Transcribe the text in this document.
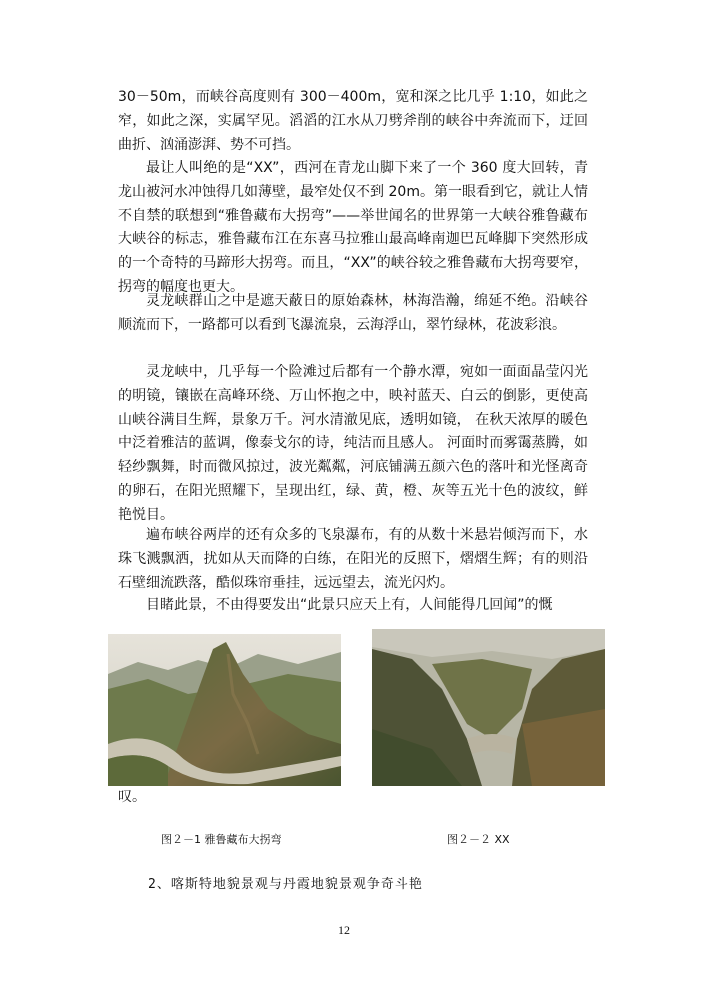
30－50m，而峡谷高度则有 300－400m，宽和深之比几乎 1:10，如此之窄，如此之深，实属罕见。滔滔的江水从刀劈斧削的峡谷中奔流而下，迂回曲折、汹涌澎湃、势不可挡。

最让人叫绝的是“XX”，西河在青龙山脚下来了一个 360 度大回转，青龙山被河水冲蚀得几如薄壁，最窄处仅不到 20m。第一眼看到它，就让人情不自禁的联想到“雅鲁藏布大拐弯”——举世闻名的世界第一大峡谷雅鲁藏布大峡谷的标志，雅鲁藏布江在东喜马拉雅山最高峰南迦巴瓦峰脚下突然形成的一个奇特的马蹄形大拐弯。而且，“XX”的峡谷较之雅鲁藏布大拐弯要窄，拐弯的幅度也更大。

灵龙峡群山之中是遮天蔽日的原始森林，林海浩瀚，绵延不绝。沿峡谷顺流而下，一路都可以看到飞瀑流泉，云海浮山，翠竹绿林，花波彩浪。

灵龙峡中，几乎每一个险滩过后都有一个静水潭，宛如一面面晶莹闪光的明镜，镶嵌在高峰环绕、万山怀抱之中，映衬蓝天、白云的倒影，更使高山峡谷满目生辉，景象万千。河水清澈见底，透明如镜， 在秋天浓厚的暖色中泛着雅洁的蓝调，像泰戈尔的诗，纯洁而且感人。 河面时而雾霭蒸腾，如轻纱飘舞，时而微风掠过，波光粼粼，河底铺满五颜六色的落叶和光怪离奇的卵石，在阳光照耀下，呈现出红，绿、黄，橙、灰等五光十色的波纹，鲜艳悦目。

遍布峡谷两岸的还有众多的飞泉瀑布，有的从数十米悬岩倾泻而下，水珠飞溅飘洒，扰如从天而降的白练，在阳光的反照下，熠熠生辉；有的则沿石壁细流跌落，酷似珠帘垂挂，远远望去，流光闪灼。

目睹此景，不由得要发出“此景只应天上有，人间能得几回闻”的慨

叹。

图２－1 雅鲁藏布大拐弯	图２－２ XX

2、喀斯特地貌景观与丹霞地貌景观争奇斗艳

12
